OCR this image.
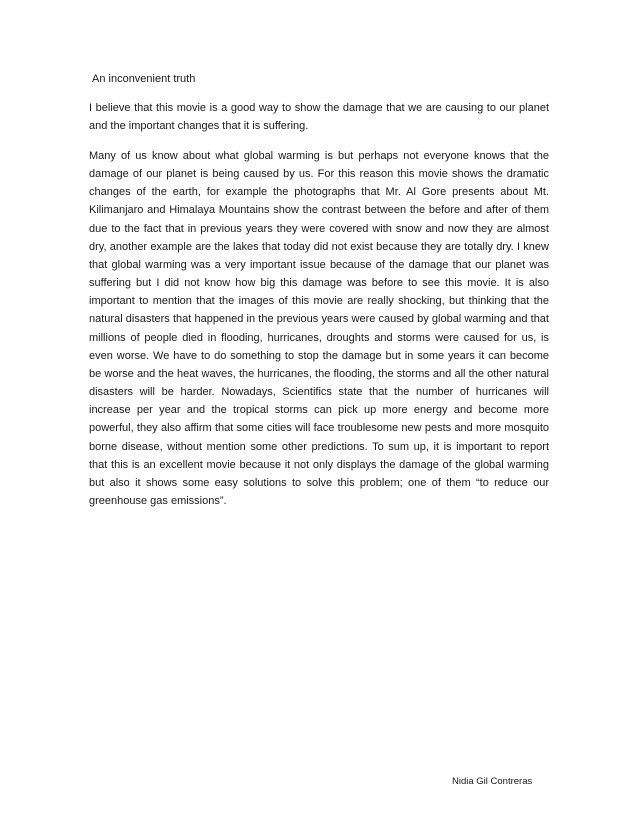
An inconvenient truth

I believe that this movie is a good way to show the damage that we are causing to our planet and the important changes that it is suffering.

Many of us know about what global warming is but perhaps not everyone knows that the damage of our planet is being caused by us. For this reason this movie shows the dramatic changes of the earth, for example the photographs that Mr. Al Gore presents about Mt. Kilimanjaro and Himalaya Mountains show the contrast between the before and after of them due to the fact that in previous years they were covered with snow and now they are almost dry, another example are the lakes that today did not exist because they are totally dry. I knew that global warming was a very important issue because of the damage that our planet was suffering but I did not know how big this damage was before to see this movie. It is also important to mention that the images of this movie are really shocking, but thinking that the natural disasters that happened in the previous years were caused by global warming and that millions of people died in flooding, hurricanes, droughts and storms were caused for us, is even worse. We have to do something to stop the damage but in some years it can become be worse and the heat waves, the hurricanes, the flooding, the storms and all the other natural disasters will be harder. Nowadays, Scientifics state that the number of hurricanes will increase per year and the tropical storms can pick up more energy and become more powerful, they also affirm that some cities will face troublesome new pests and more mosquito borne disease, without mention some other predictions. To sum up, it is important to report that this is an excellent movie because it not only displays the damage of the global warming but also it shows some easy solutions to solve this problem; one of them “to reduce our greenhouse gas emissions”.

Nidia Gil Contreras
